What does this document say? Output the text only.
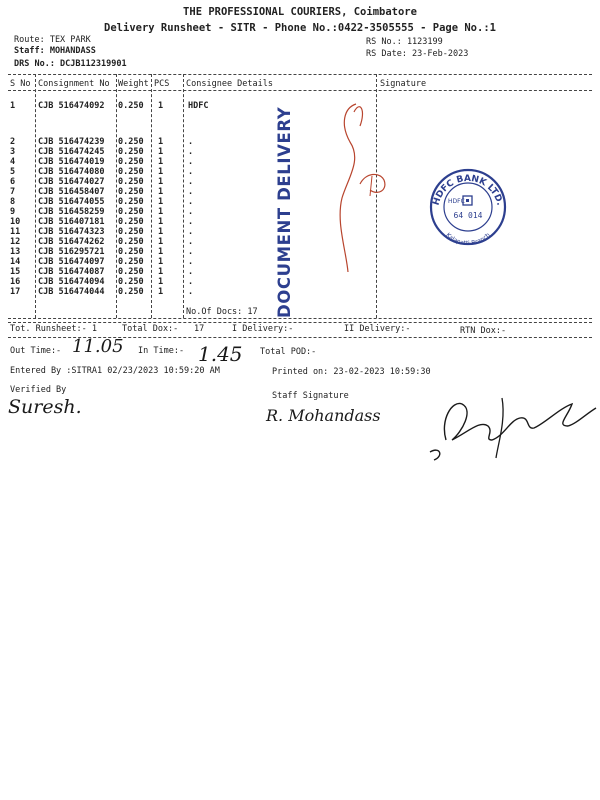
THE PROFESSIONAL COURIERS, Coimbatore
Delivery Runsheet - SITR - Phone No.:0422-3505555 - Page No.:1
Route: TEX PARK
Staff: MOHANDASS
DRS No.: DCJB112319901
RS No.: 1123199
RS Date: 23-Feb-2023
S No Consignment No Weight PCS Consignee Details	Signature
1	CJB 516474092 0.250 1	HDFC
2	CJB 516474239 0.250 1	.
3	CJB 516474245 0.250 1	.
4	CJB 516474019 0.250 1	.
5	CJB 516474080 0.250 1	.
6	CJB 516474027 0.250 1	.
7	CJB 516458407 0.250 1	.
8	CJB 516474055 0.250 1	.
9	CJB 516458259 0.250 1	.
10 CJB 516407181 0.250 1	.
11 CJB 516474323 0.250 1	.
12 CJB 516474262 0.250 1	.
13 CJB 516295721 0.250 1	.
14 CJB 516474097 0.250 1	.
15 CJB 516474087 0.250 1	.
16 CJB 516474094 0.250 1	.
17 CJB 516474044 0.250 1	.
No.Of Docs: 17
Tot. Runsheet:- 1	Total Dox:- 17	I Delivery:-	II Delivery:-	RTN Dox:-
Out Time:- 11.05 In Time:- 1.45 Total POD:-
Entered By :SITRA1 02/23/2023 10:59:20 AM	Printed on: 23-02-2023 10:59:30
Verified By
Suresh.	Staff Signature
R. Mohandass
DOCUMENT DELIVERY	HDFC BANK LTD.
Kalapatti Branch
HDFC
64 014
